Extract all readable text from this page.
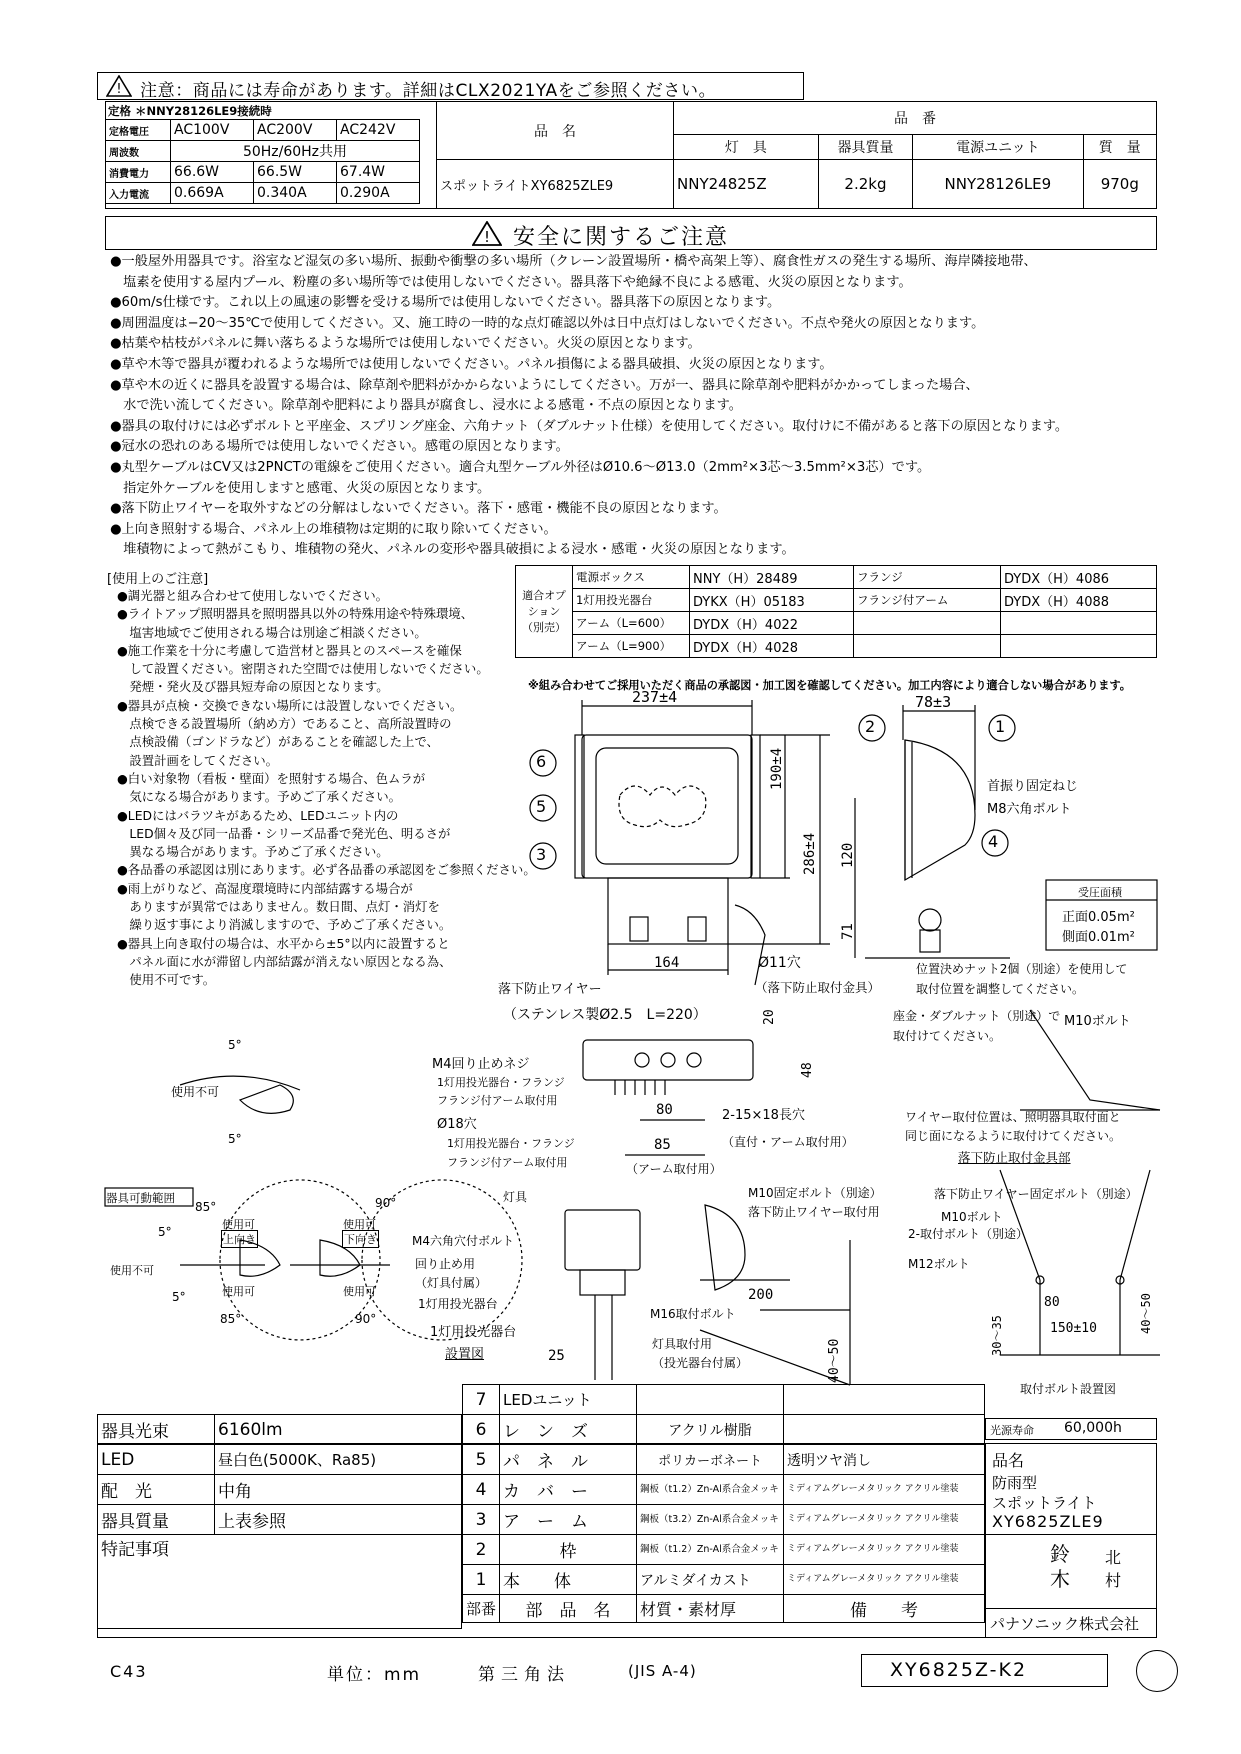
! 注意：商品には寿命があります。詳細はCLX2021YAをご参照ください。
定格 ＊NNY28126LE9接続時
定格電圧	AC100V	AC200V	AC242V
周波数	50Hz/60Hz共用		
消費電力	66.6W	66.5W	67.4W
入力電流	0.669A	0.340A	0.290A
品　名	品　番			
	灯　具	器具質量	電源ユニット	質　量
スポットライトXY6825ZLE9	NNY24825Z	2.2kg	NNY28126LE9	970g
! 安全に関するご注意

●一般屋外用器具です。浴室など湿気の多い場所、振動や衝撃の多い場所（クレーン設置場所・橋や高架上等）、腐食性ガスの発生する場所、海岸隣接地帯、

　塩素を使用する屋内プール、粉塵の多い場所等では使用しないでください。器具落下や絶縁不良による感電、火災の原因となります。

●60m/s仕様です。これ以上の風速の影響を受ける場所では使用しないでください。器具落下の原因となります。

●周囲温度は−20〜35℃で使用してください。又、施工時の一時的な点灯確認以外は日中点灯はしないでください。不点や発火の原因となります。

●枯葉や枯枝がパネルに舞い落ちるような場所では使用しないでください。火災の原因となります。

●草や木等で器具が覆われるような場所では使用しないでください。パネル損傷による器具破損、火災の原因となります。

●草や木の近くに器具を設置する場合は、除草剤や肥料がかからないようにしてください。万が一、器具に除草剤や肥料がかかってしまった場合、

　水で洗い流してください。除草剤や肥料により器具が腐食し、浸水による感電・不点の原因となります。

●器具の取付けには必ずボルトと平座金、スプリング座金、六角ナット（ダブルナット仕様）を使用してください。取付けに不備があると落下の原因となります。

●冠水の恐れのある場所では使用しないでください。感電の原因となります。

●丸型ケーブルはCV又は2PNCTの電線をご使用ください。適合丸型ケーブル外径はØ10.6〜Ø13.0（2mm²×3芯〜3.5mm²×3芯）です。

　指定外ケーブルを使用しますと感電、火災の原因となります。

●落下防止ワイヤーを取外すなどの分解はしないでください。落下・感電・機能不良の原因となります。

●上向き照射する場合、パネル上の堆積物は定期的に取り除いてください。

　堆積物によって熱がこもり、堆積物の発火、パネルの変形や器具破損による浸水・感電・火災の原因となります。

[使用上のご注意]

●調光器と組み合わせて使用しないでください。

●ライトアップ照明器具を照明器具以外の特殊用途や特殊環境、

　塩害地域でご使用される場合は別途ご相談ください。

●施工作業を十分に考慮して造営材と器具とのスペースを確保

　して設置ください。密閉された空間では使用しないでください。

　発煙・発火及び器具短寿命の原因となります。

●器具が点検・交換できない場所には設置しないでください。

　点検できる設置場所（納め方）であること、高所設置時の

　点検設備（ゴンドラなど）があることを確認した上で、

　設置計画をしてください。

●白い対象物（看板・壁面）を照射する場合、色ムラが

　気になる場合があります。予めご了承ください。

●LEDにはバラツキがあるため、LEDユニット内の

　LED個々及び同一品番・シリーズ品番で発光色、明るさが

　異なる場合があります。予めご了承ください。

●各品番の承認図は別にあります。必ず各品番の承認図をご参照ください。

●雨上がりなど、高湿度環境時に内部結露する場合が

　ありますが異常ではありません。数日間、点灯・消灯を

　繰り返す事により消滅しますので、予めご了承ください。

●器具上向き取付の場合は、水平から±5°以内に設置すると

　パネル面に水が滞留し内部結露が消えない原因となる為、

　使用不可です。

適合オプション（別売）	電源ボックス	NNY（H）28489	フランジ	DYDX（H）4086
	1灯用投光器台	DYKX（H）05183	フランジ付アーム	DYDX（H）4088
	アーム（L=600）	DYDX（H）4022		
	アーム（L=900）	DYDX（H）4028		
※組み合わせてご採用いただく商品の承認図・加工図を確認してください。加工内容により適合しない場合があります。
237±4	78±3
190±4
286±4 120
71
164	Ø11穴
（落下防止取付金具）
落下防止ワイヤー
（ステンレス製Ø2.5　L=220）
6
5
3
2	1
4
首振り固定ねじ
M8六角ボルト
受圧面積
正面0.05m²
側面0.01m²
位置決めナット2個（別途）を使用して
取付位置を調整してください。
座金・ダブルナット（別途）で
取付けてください。
M10ボルト
ワイヤー取付位置は、照明器具取付面と
同じ面になるように取付けてください。
落下防止取付金具部
M4回り止めネジ
1灯用投光器台・フランジ
フランジ付アーム取付用
Ø18穴
1灯用投光器台・フランジ
フランジ付アーム取付用
20
48
80
85
2-15×18長穴
（直付・アーム取付用）
（アーム取付用）
器具可動範囲
使用不可
使用不可
使用可
使用可
使用可
使用可
上向き	下向き
5°
5°
5°
5°
85°
85°
90°
90°
灯具
M4六角穴付ボルト
回り止め用
（灯具付属）
1灯用投光器台
M10固定ボルト（別途）
落下防止ワイヤー取付用
200
M16取付ボルト
灯具取付用
（投光器台付属）
1灯用投光器台
設置図	25	40〜50
落下防止ワイヤー固定ボルト（別途）
M10ボルト
2-取付ボルト（別途）
M12ボルト
30〜35
80
150±10	40〜50
取付ボルト設置図
光源寿命 60,000h
器具光束	6160lm
LED	昼白色(5000K、Ra85)
配　光	中角
器具質量	上表参照
特記事項	
7	LEDユニット		
6	レ　ン　ズ	アクリル樹脂	
5	パ　ネ　ル	ポリカーボネート	透明ツヤ消し
4	カ　バ　ー	鋼板（t1.2）Zn-Al系合金メッキ	ミディアムグレーメタリック アクリル塗装
3	ア　ー　ム	鋼板（t3.2）Zn-Al系合金メッキ	ミディアムグレーメタリック アクリル塗装
2	枠	鋼板（t1.2）Zn-Al系合金メッキ	ミディアムグレーメタリック アクリル塗装
1	本　　体	アルミダイカスト	ミディアムグレーメタリック アクリル塗装
部番	部　品　名	材質・素材厚	備　　考
品名
防雨型
スポットライト
XY6825ZLE9
鈴 北
木 村
パナソニック株式会社
C43	単位：mm	第三角法	(JIS A-4)	XY6825Z-K2
